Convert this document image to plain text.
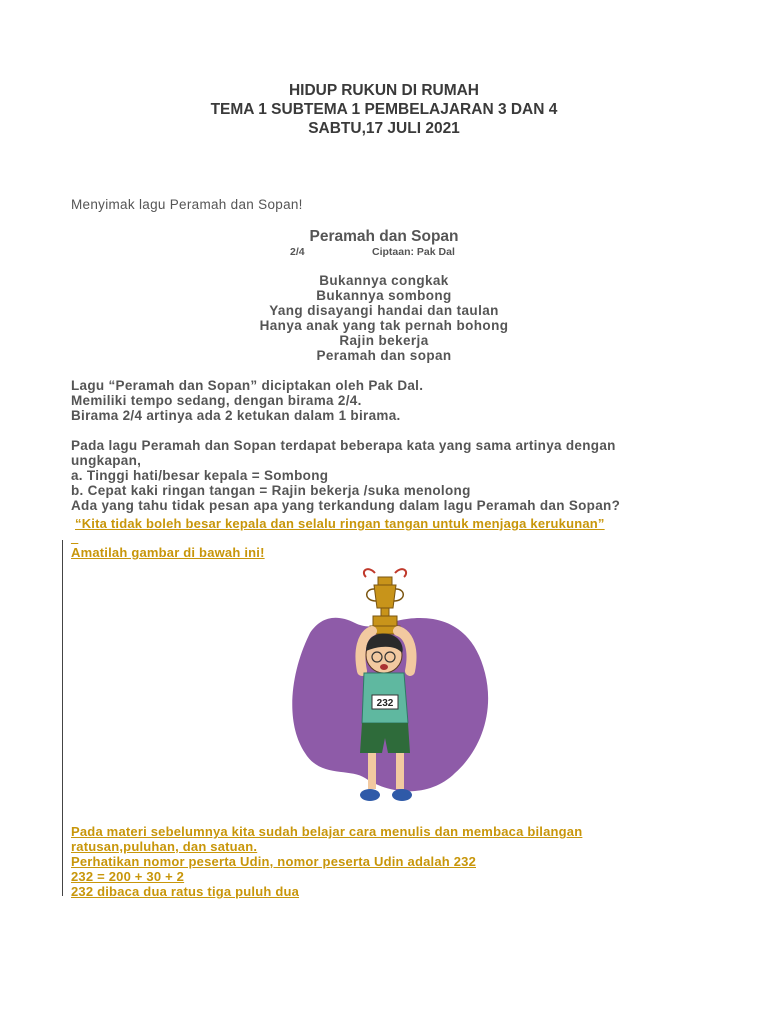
HIDUP RUKUN DI RUMAH
TEMA 1 SUBTEMA 1 PEMBELAJARAN 3 DAN 4
SABTU,17 JULI 2021
Menyimak lagu Peramah dan Sopan!
Peramah dan Sopan
2/4	Ciptaan: Pak Dal
Bukannya congkak
Bukannya sombong
Yang disayangi handai dan taulan
Hanya anak yang tak pernah bohong
Rajin bekerja
Peramah dan sopan
Lagu “Peramah dan Sopan” diciptakan oleh Pak Dal.
Memiliki tempo sedang, dengan birama 2/4.
Birama 2/4 artinya ada 2 ketukan dalam 1 birama.
Pada lagu Peramah dan Sopan terdapat beberapa kata yang sama artinya dengan
ungkapan,
a. Tinggi hati/besar kepala = Sombong
b. Cepat kaki ringan tangan = Rajin bekerja /suka menolong
Ada yang tahu tidak pesan apa yang terkandung dalam lagu Peramah dan Sopan?
“Kita tidak boleh besar kepala dan selalu ringan tangan untuk menjaga kerukunan”
_
Amatilah gambar di bawah ini!
232
Pada materi sebelumnya kita sudah belajar cara menulis dan membaca bilangan
ratusan,puluhan, dan satuan.
Perhatikan nomor peserta Udin, nomor peserta Udin adalah 232
232 = 200 + 30 + 2
232 dibaca dua ratus tiga puluh dua
